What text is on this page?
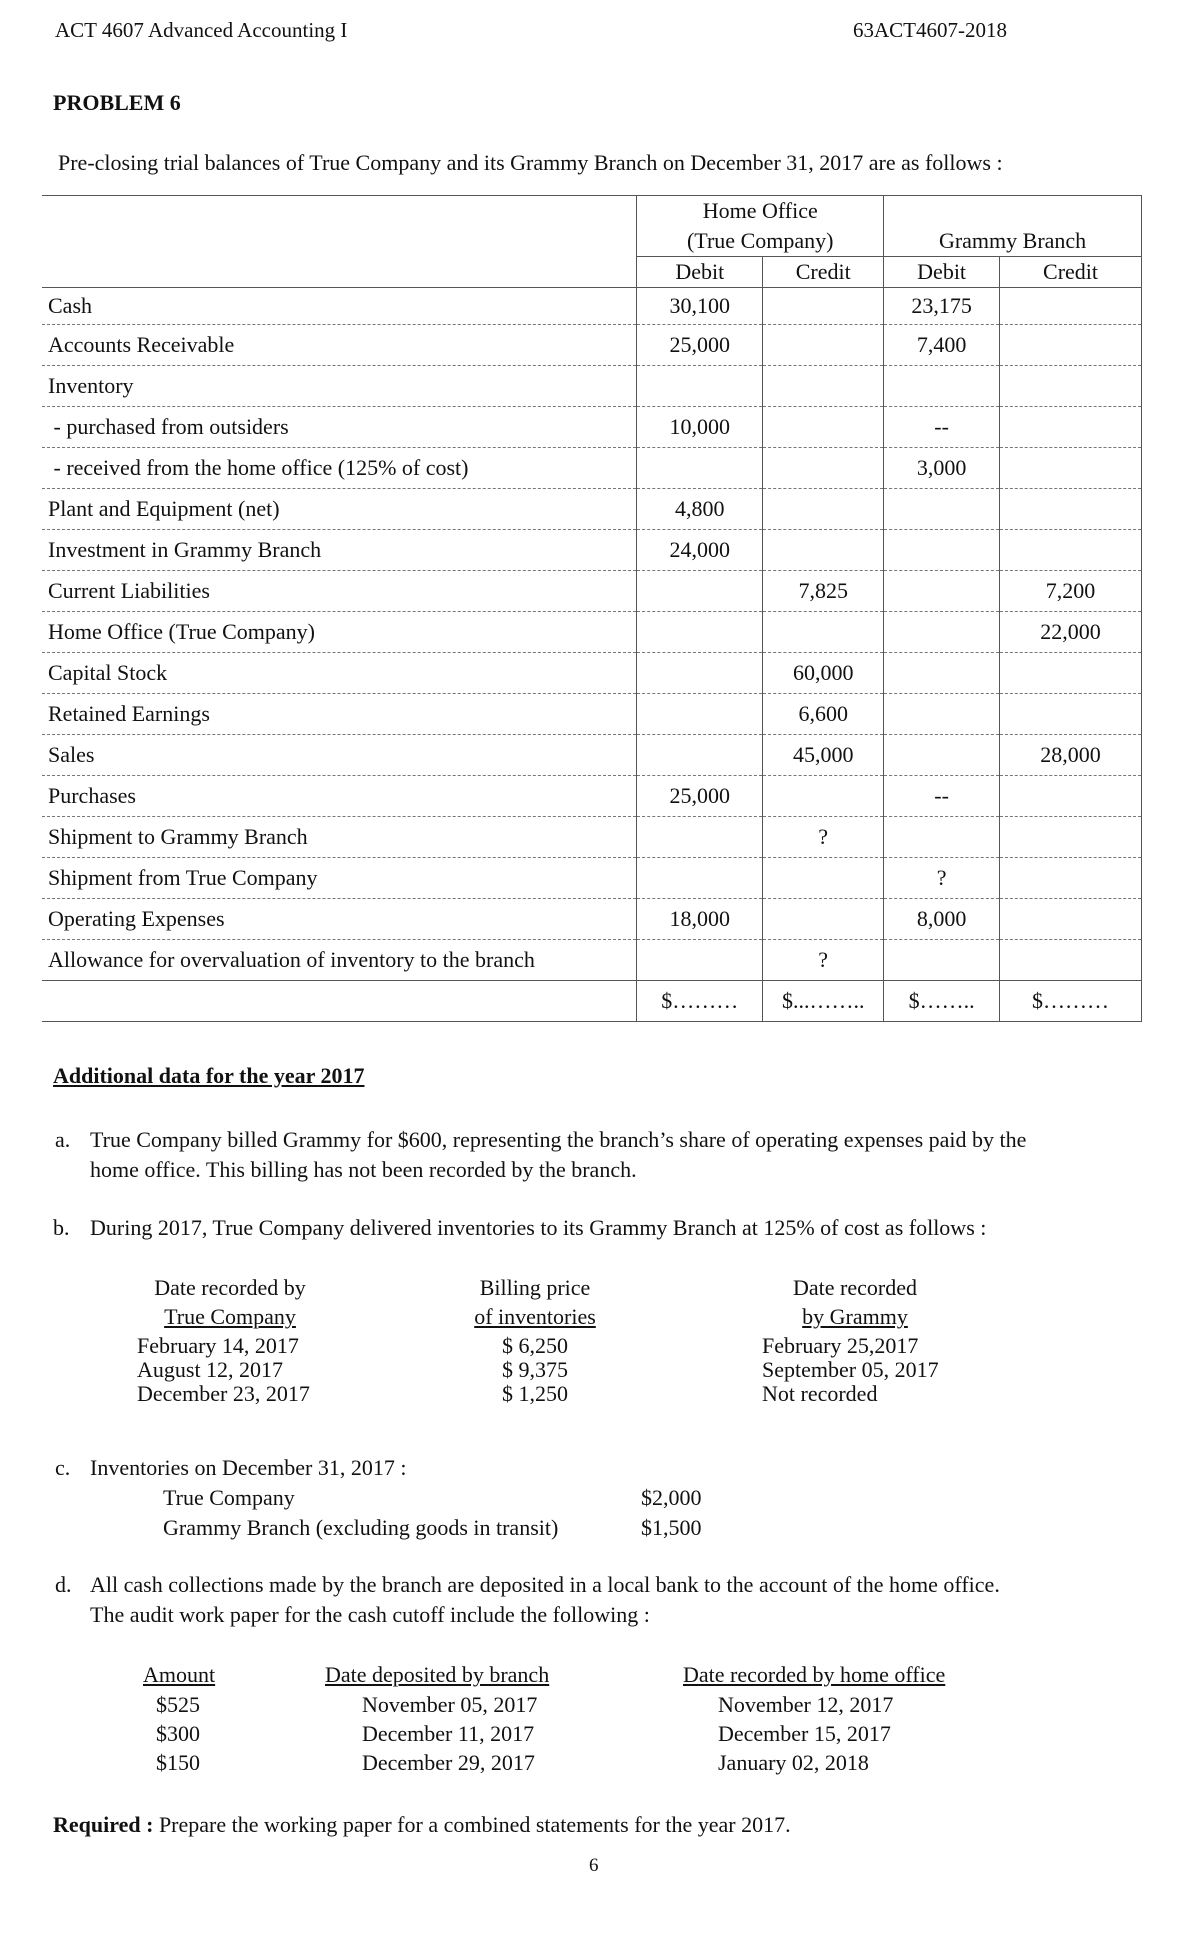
ACT 4607 Advanced Accounting I	63ACT4607-2018
PROBLEM 6
Pre-closing trial balances of True Company and its Grammy Branch on December 31, 2017 are as follows :
	Home Office			
	(True Company)		Grammy Branch	
	Debit	Credit	Debit	Credit
Cash	30,100		23,175	
Accounts Receivable	25,000		7,400	
Inventory				
- purchased from outsiders	10,000		--	
- received from the home office (125% of cost)			3,000	
Plant and Equipment (net)	4,800			
Investment in Grammy Branch	24,000			
Current Liabilities		7,825		7,200
Home Office (True Company)				22,000
Capital Stock		60,000		
Retained Earnings		6,600		
Sales		45,000		28,000
Purchases	25,000		--	
Shipment to Grammy Branch		?		
Shipment from True Company			?	
Operating Expenses	18,000		8,000	
Allowance for overvaluation of inventory to the branch		?		
	$………	$...……..	$……..	$………
Additional data for the year 2017
a. True Company billed Grammy for $600, representing the branch’s share of operating expenses paid by the
home office. This billing has not been recorded by the branch.
b. During 2017, True Company delivered inventories to its Grammy Branch at 125% of cost as follows :
Date recorded by
True Company
Billing price
of inventories
Date recorded
by Grammy
February 14, 2017	$ 6,250	February 25,2017
August 12, 2017	$ 9,375	September 05, 2017
December 23, 2017	$ 1,250	Not recorded
c. Inventories on December 31, 2017 :
True Company	$2,000
Grammy Branch (excluding goods in transit)	$1,500
d. All cash collections made by the branch are deposited in a local bank to the account of the home office.
The audit work paper for the cash cutoff include the following :
Amount	Date deposited by branch	Date recorded by home office
$525	November 05, 2017	November 12, 2017
$300	December 11, 2017	December 15, 2017
$150	December 29, 2017	January 02, 2018
Required : Prepare the working paper for a combined statements for the year 2017.
6
